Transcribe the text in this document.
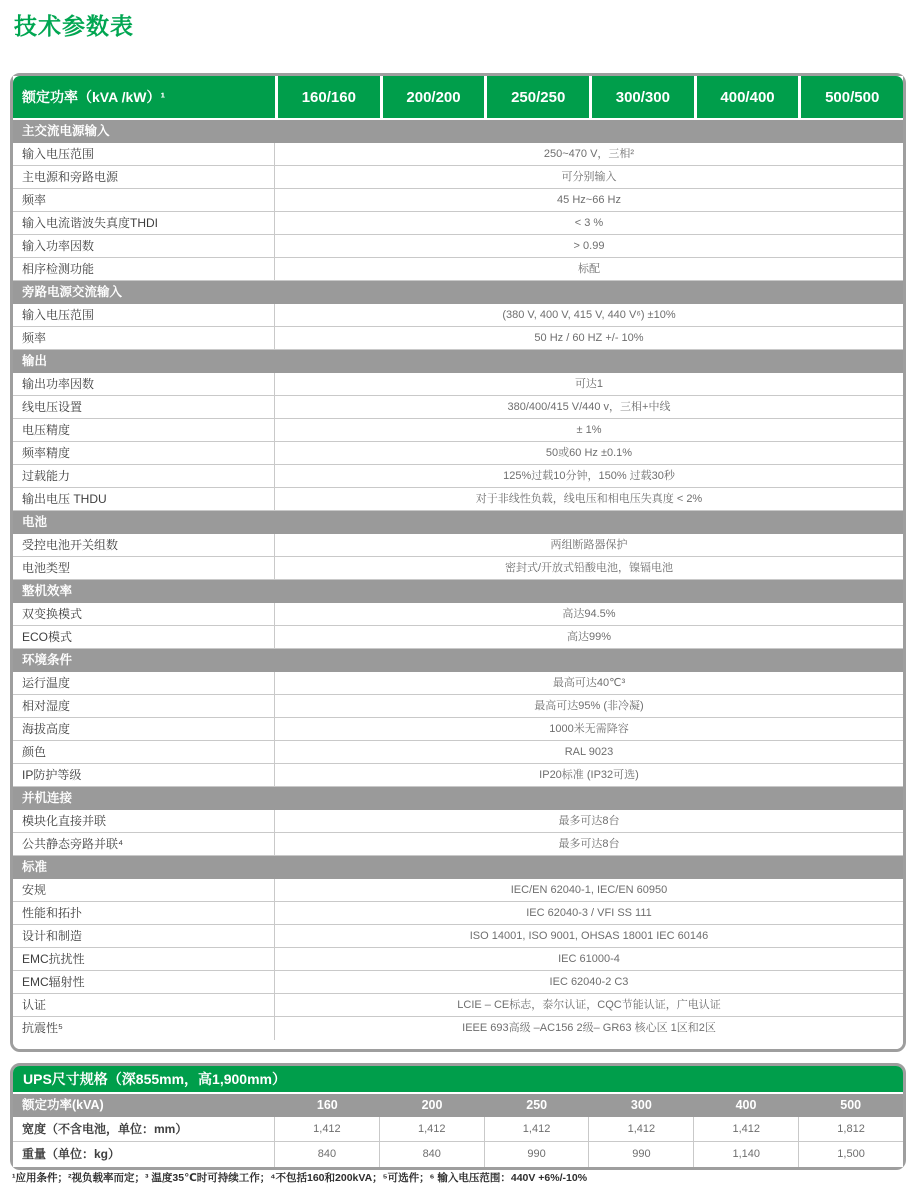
技术参数表
额定功率（kVA /kW）¹	160/160	200/200	250/250	300/300	400/400	500/500
主交流电源输入
输入电压范围	250~470 V，三相²
主电源和旁路电源	可分别输入
频率	45 Hz~66 Hz
输入电流谐波失真度THDI	< 3 %
输入功率因数	> 0.99
相序检测功能	标配
旁路电源交流输入
输入电压范围	(380 V, 400 V, 415 V, 440 V⁶) ±10%
频率	50 Hz / 60 HZ +/- 10%
输出
输出功率因数	可达1
线电压设置	380/400/415 V/440 v，三相+中线
电压精度	± 1%
频率精度	50或60 Hz ±0.1%
过载能力	125%过载10分钟，150% 过载30秒
输出电压 THDU	对于非线性负载，线电压和相电压失真度 < 2%
电池
受控电池开关组数	两组断路器保护
电池类型	密封式/开放式铅酸电池，镍镉电池
整机效率
双变换模式	高达94.5%
ECO模式	高达99%
环境条件
运行温度	最高可达40℃³
相对湿度	最高可达95% (非冷凝)
海拔高度	1000米无需降容
颜色	RAL 9023
IP防护等级	IP20标准 (IP32可选)
并机连接
模块化直接并联	最多可达8台
公共静态旁路并联⁴	最多可达8台
标准
安规	IEC/EN 62040-1, IEC/EN 60950
性能和拓扑	IEC 62040-3 / VFI SS 111
设计和制造	ISO 14001, ISO 9001, OHSAS 18001 IEC 60146
EMC抗扰性	IEC 61000-4
EMC辐射性	IEC 62040-2 C3
认证	LCIE – CE标志，泰尔认证，CQC节能认证，广电认证
抗震性⁵	IEEE 693高级 –AC156 2级– GR63 核心区 1区和2区
UPS尺寸规格（深855mm，高1,900mm）
额定功率(kVA)	160	200	250	300	400	500
宽度（不含电池，单位：mm）	1,412	1,412	1,412	1,412	1,412	1,812
重量（单位：kg）	840	840	990	990	1,140	1,500
¹应用条件；²视负载率而定；³ 温度35℃时可持续工作；⁴不包括160和200kVA；⁵可选件；⁶ 输入电压范围：440V +6%/-10%
